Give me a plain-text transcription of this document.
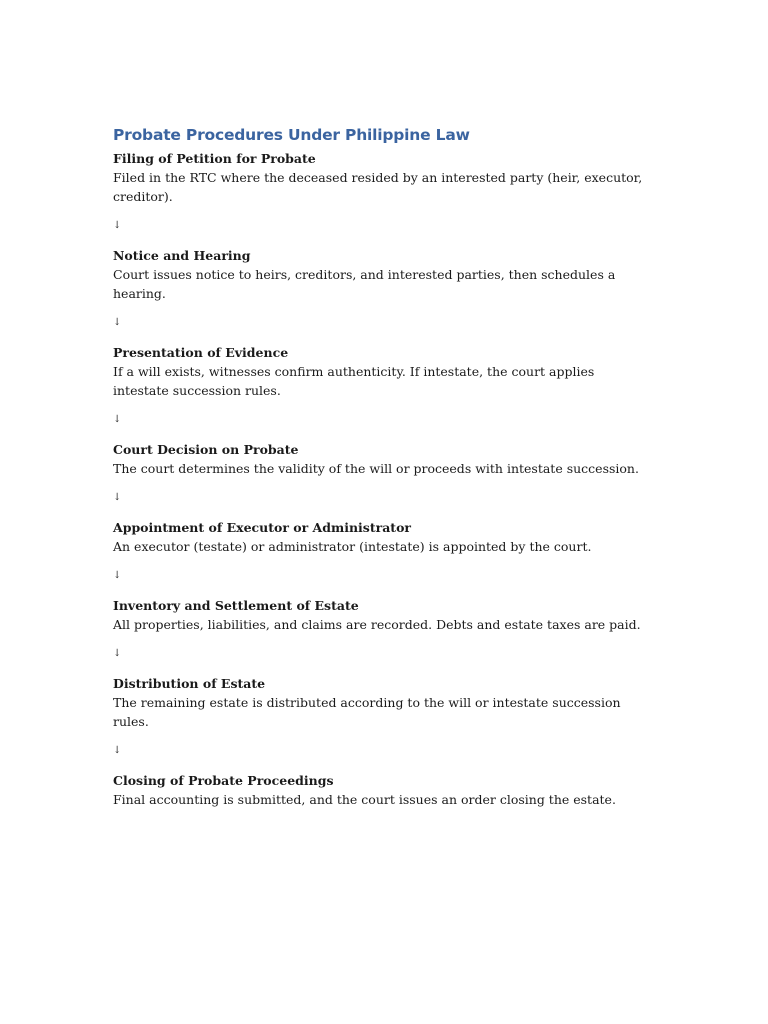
Probate Procedures Under Philippine Law

Filing of Petition for Probate

Filed in the RTC where the deceased resided by an interested party (heir, executor, creditor).

↓

Notice and Hearing

Court issues notice to heirs, creditors, and interested parties, then schedules a hearing.

↓

Presentation of Evidence

If a will exists, witnesses confirm authenticity. If intestate, the court applies intestate succession rules.

↓

Court Decision on Probate

The court determines the validity of the will or proceeds with intestate succession.

↓

Appointment of Executor or Administrator

An executor (testate) or administrator (intestate) is appointed by the court.

↓

Inventory and Settlement of Estate

All properties, liabilities, and claims are recorded. Debts and estate taxes are paid.

↓

Distribution of Estate

The remaining estate is distributed according to the will or intestate succession rules.

↓

Closing of Probate Proceedings

Final accounting is submitted, and the court issues an order closing the estate.
